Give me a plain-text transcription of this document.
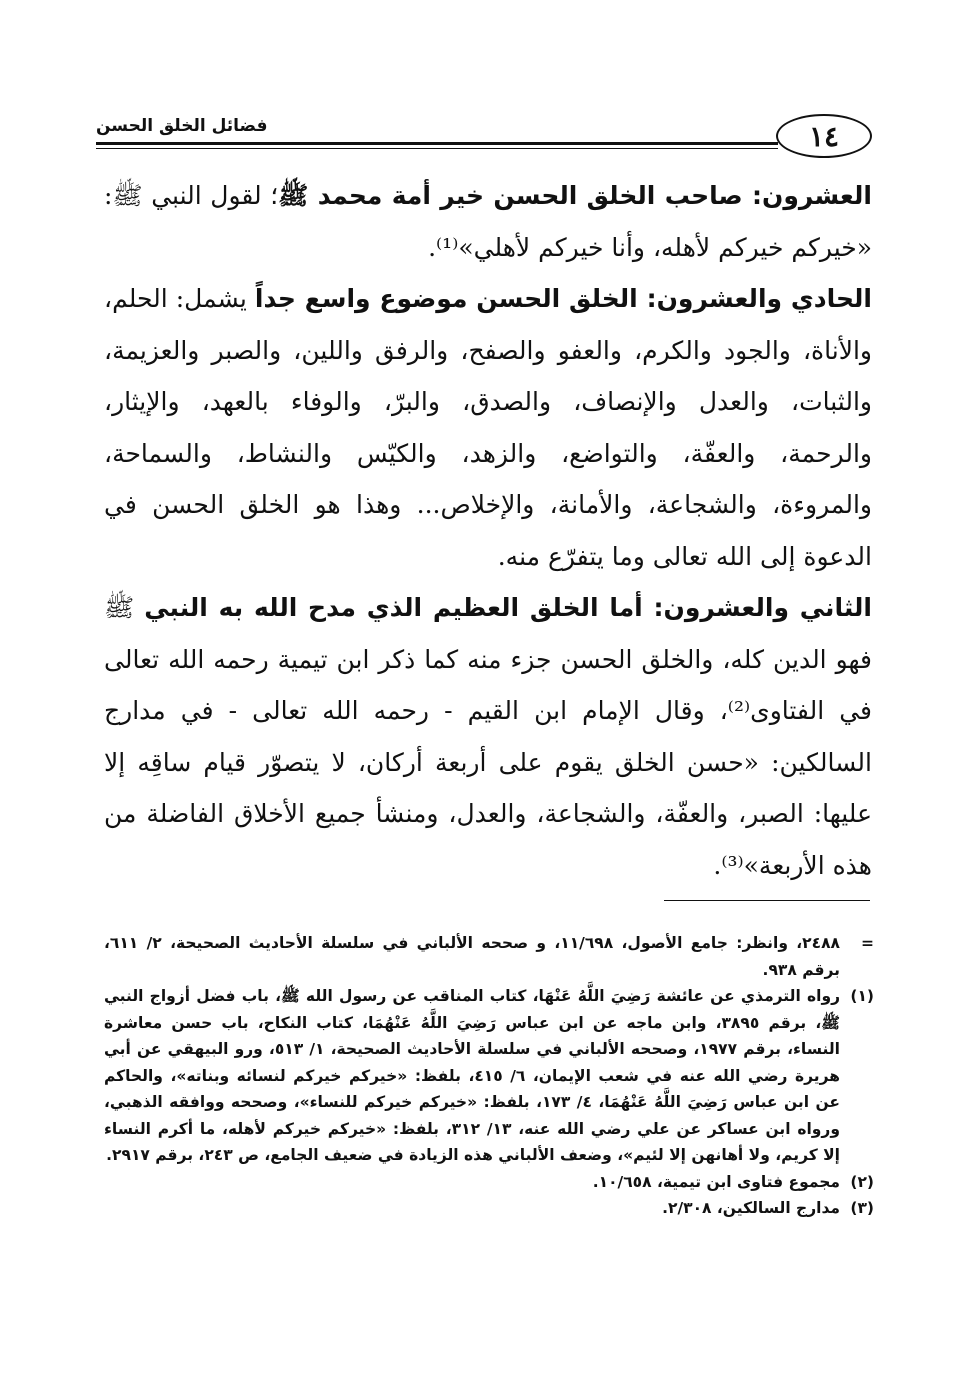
فضائل الخلق الحسن	١٤

العشرون: صاحب الخلق الحسن خير أمة محمد ﷺ؛ لقول النبي ﷺ: «خيركم خيركم لأهله، وأنا خيركم لأهلي»⁽¹⁾.

الحادي والعشرون: الخلق الحسن موضوع واسع جداً يشمل: الحلم، والأناة، والجود والكرم، والعفو والصفح، والرفق واللين، والصبر والعزيمة، والثبات، والعدل والإنصاف، والصدق، والبرّ، والوفاء بالعهد، والإيثار، والرحمة، والعفّة، والتواضع، والزهد، والكيّس والنشاط، والسماحة، والمروءة، والشجاعة، والأمانة، والإخلاص... وهذا هو الخلق الحسن في الدعوة إلى الله تعالى وما يتفرّع منه.

الثاني والعشرون: أما الخلق العظيم الذي مدح الله به النبي ﷺ فهو الدين كله، والخلق الحسن جزء منه كما ذكر ابن تيمية رحمه الله تعالى في الفتاوى⁽²⁾، وقال الإمام ابن القيم - رحمه الله تعالى - في مدارج السالكين: «حسن الخلق يقوم على أربعة أركان، لا يتصوّر قيام ساقِه إلا عليها: الصبر، والعفّة، والشجاعة، والعدل، ومنشأ جميع الأخلاق الفاضلة من هذه الأربعة»⁽³⁾.

=
٢٤٨٨، وانظر: جامع الأصول، ١١/٦٩٨، و صححه الألباني في سلسلة الأحاديث الصحيحة، ٢/ ٦١١، برقم ٩٣٨.
(١)
رواه الترمذي عن عائشة رَضِيَ اللَّهُ عَنْهَا، كتاب المناقب عن رسول الله ﷺ، باب فضل أزواج النبي ﷺ، برقم ٣٨٩٥، وابن ماجه عن ابن عباس رَضِيَ اللَّهُ عَنْهُمَا، كتاب النكاح، باب حسن معاشرة النساء، برقم ١٩٧٧، وصححه الألباني في سلسلة الأحاديث الصحيحة، ١/ ٥١٣، ورو البيهقي عن أبي هريرة رضي الله عنه في شعب الإيمان، ٦/ ٤١٥، بلفظ: «خيركم خيركم لنسائه وبناته»، والحاكم عن ابن عباس رَضِيَ اللَّهُ عَنْهُمَا، ٤/ ١٧٣، بلفظ: «خيركم خيركم للنساء»، وصححه ووافقه الذهبي، ورواه ابن عساكر عن علي رضي الله عنه، ١٣/ ٣١٢، بلفظ: «خيركم خيركم لأهله، ما أكرم النساء إلا كريم، ولا أهانهن إلا لئيم»، وضعف الألباني هذه الزيادة في ضعيف الجامع، ص ٢٤٣، برقم ٢٩١٧.
(٢)
مجموع فتاوى ابن تيمية، ١٠/٦٥٨.
(٣)
مدارج السالكين، ٢/٣٠٨.
